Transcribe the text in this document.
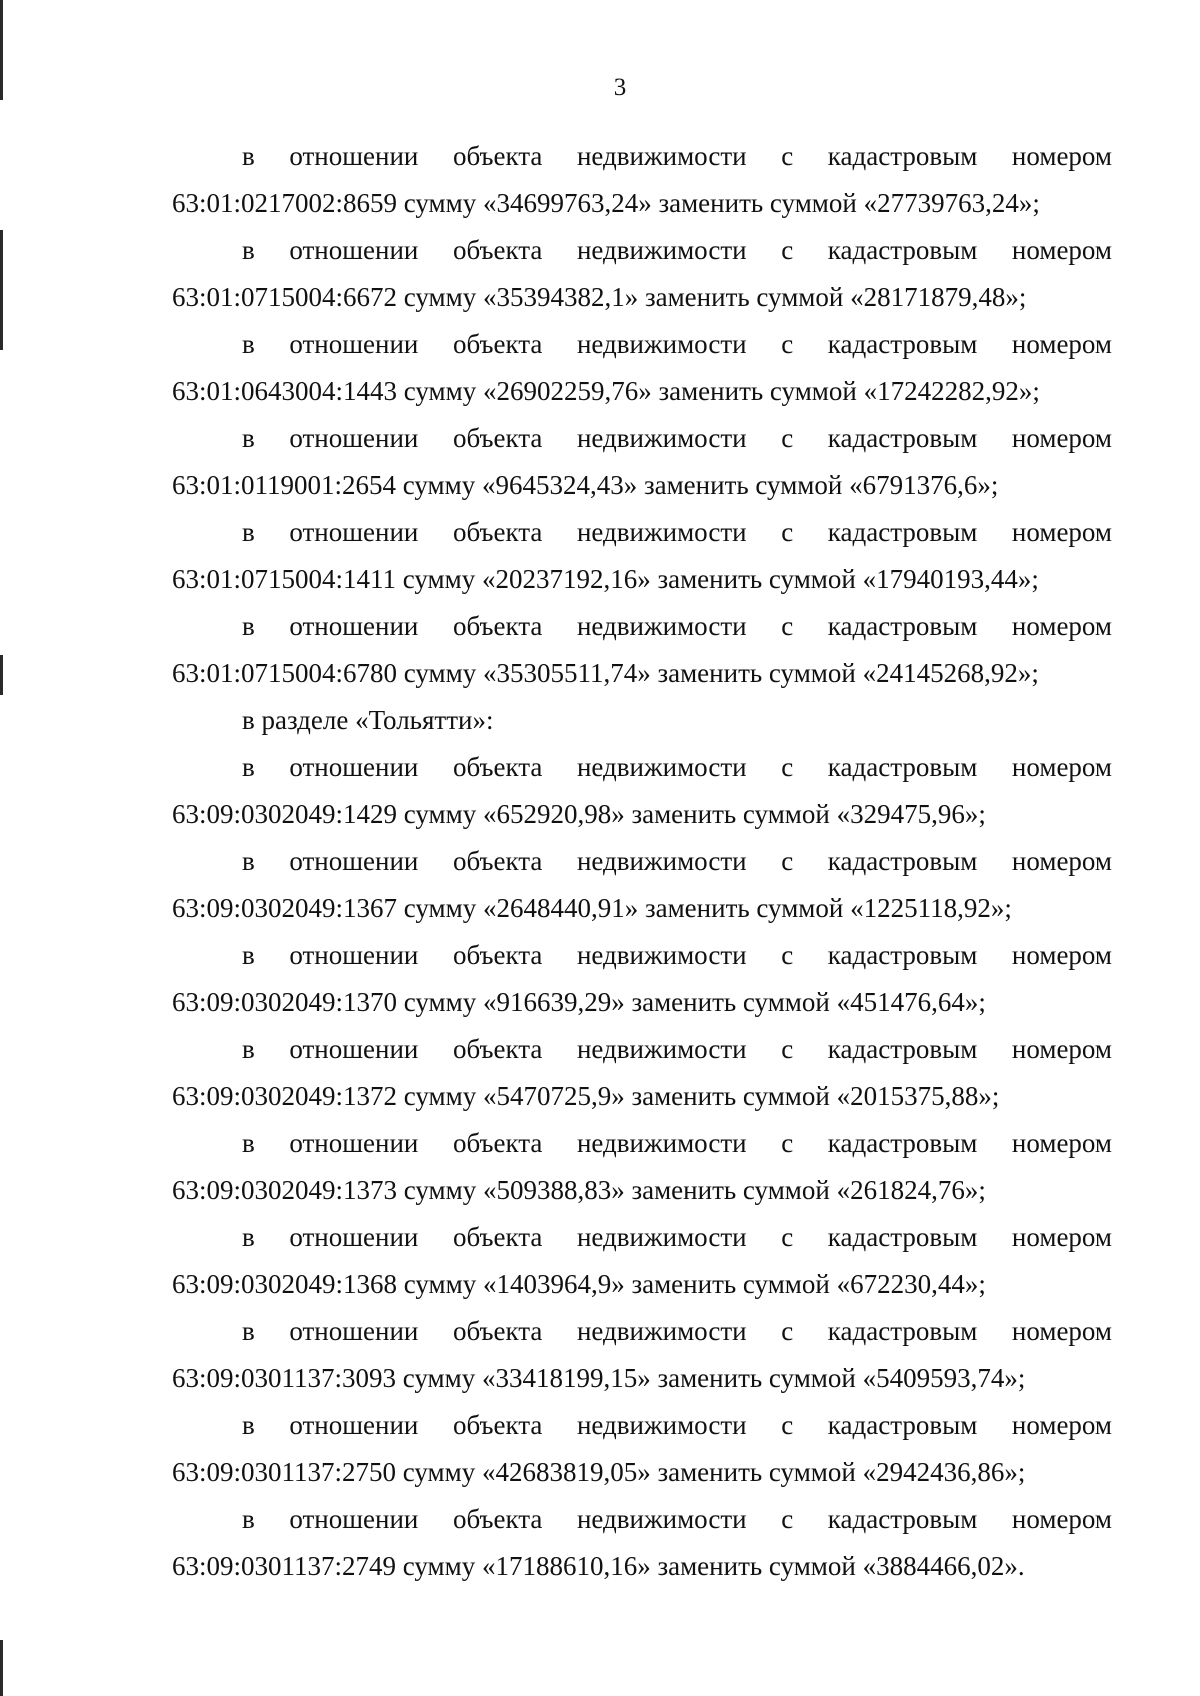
3
в отношении объекта недвижимости с кадастровым номером
63:01:0217002:8659 сумму «34699763,24» заменить суммой «27739763,24»;
в отношении объекта недвижимости с кадастровым номером
63:01:0715004:6672 сумму «35394382,1» заменить суммой «28171879,48»;
в отношении объекта недвижимости с кадастровым номером
63:01:0643004:1443 сумму «26902259,76» заменить суммой «17242282,92»;
в отношении объекта недвижимости с кадастровым номером
63:01:0119001:2654 сумму «9645324,43» заменить суммой «6791376,6»;
в отношении объекта недвижимости с кадастровым номером
63:01:0715004:1411 сумму «20237192,16» заменить суммой «17940193,44»;
в отношении объекта недвижимости с кадастровым номером
63:01:0715004:6780 сумму «35305511,74» заменить суммой «24145268,92»;
в разделе «Тольятти»:
в отношении объекта недвижимости с кадастровым номером
63:09:0302049:1429 сумму «652920,98» заменить суммой «329475,96»;
в отношении объекта недвижимости с кадастровым номером
63:09:0302049:1367 сумму «2648440,91» заменить суммой «1225118,92»;
в отношении объекта недвижимости с кадастровым номером
63:09:0302049:1370 сумму «916639,29» заменить суммой «451476,64»;
в отношении объекта недвижимости с кадастровым номером
63:09:0302049:1372 сумму «5470725,9» заменить суммой «2015375,88»;
в отношении объекта недвижимости с кадастровым номером
63:09:0302049:1373 сумму «509388,83» заменить суммой «261824,76»;
в отношении объекта недвижимости с кадастровым номером
63:09:0302049:1368 сумму «1403964,9» заменить суммой «672230,44»;
в отношении объекта недвижимости с кадастровым номером
63:09:0301137:3093 сумму «33418199,15» заменить суммой «5409593,74»;
в отношении объекта недвижимости с кадастровым номером
63:09:0301137:2750 сумму «42683819,05» заменить суммой «2942436,86»;
в отношении объекта недвижимости с кадастровым номером
63:09:0301137:2749 сумму «17188610,16» заменить суммой «3884466,02».
